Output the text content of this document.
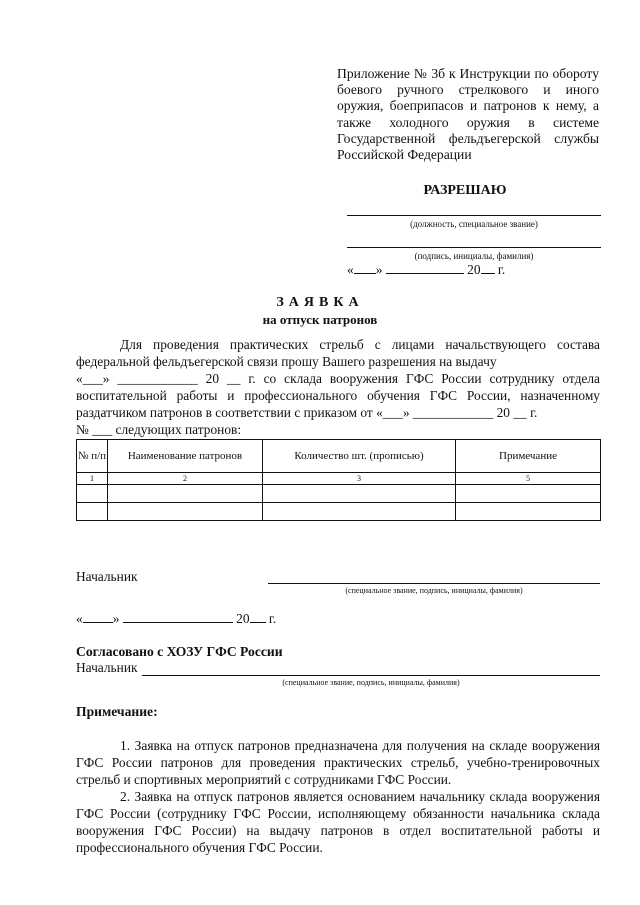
Приложение № 3б к Инструкции по обороту боевого ручного стрелкового и иного оружия, боеприпасов и патронов к нему, а также холодного оружия в системе Государственной фельдъегерской службы Российской Федерации
РАЗРЕШАЮ
(должность, специальное звание)
(подпись, инициалы, фамилия)
« »	20 г.
ЗАЯВКА
на отпуск патронов

Для проведения практических стрельб с лицами начальствующего состава федеральной фельдъегерской связи прошу Вашего разрешения на выдачу

«___» ____________ 20 __ г. со склада вооружения ГФС России сотруднику отдела воспитательной работы и профессионального обучения ГФС России, назначенному раздатчиком патронов в соответствии с приказом от «___» ____________ 20 __ г.

№ ___ следующих патронов:

№ п/п	Наименование патронов	Количество шт. (прописью)	Примечание
1	2	3	5

Начальник
(специальное звание, подпись, инициалы, фамилия)
« »	20 г.
Согласовано с ХОЗУ ГФС России
Начальник
(специальное звание, подпись, инициалы, фамилия)
Примечание:

1. Заявка на отпуск патронов предназначена для получения на складе вооружения ГФС России патронов для проведения практических стрельб, учебно-тренировочных стрельб и спортивных мероприятий с сотрудниками ГФС России.

2. Заявка на отпуск патронов является основанием начальнику склада вооружения ГФС России (сотруднику ГФС России, исполняющему обязанности начальника склада вооружения ГФС России) на выдачу патронов в отдел воспитательной работы и профессионального обучения ГФС России.
